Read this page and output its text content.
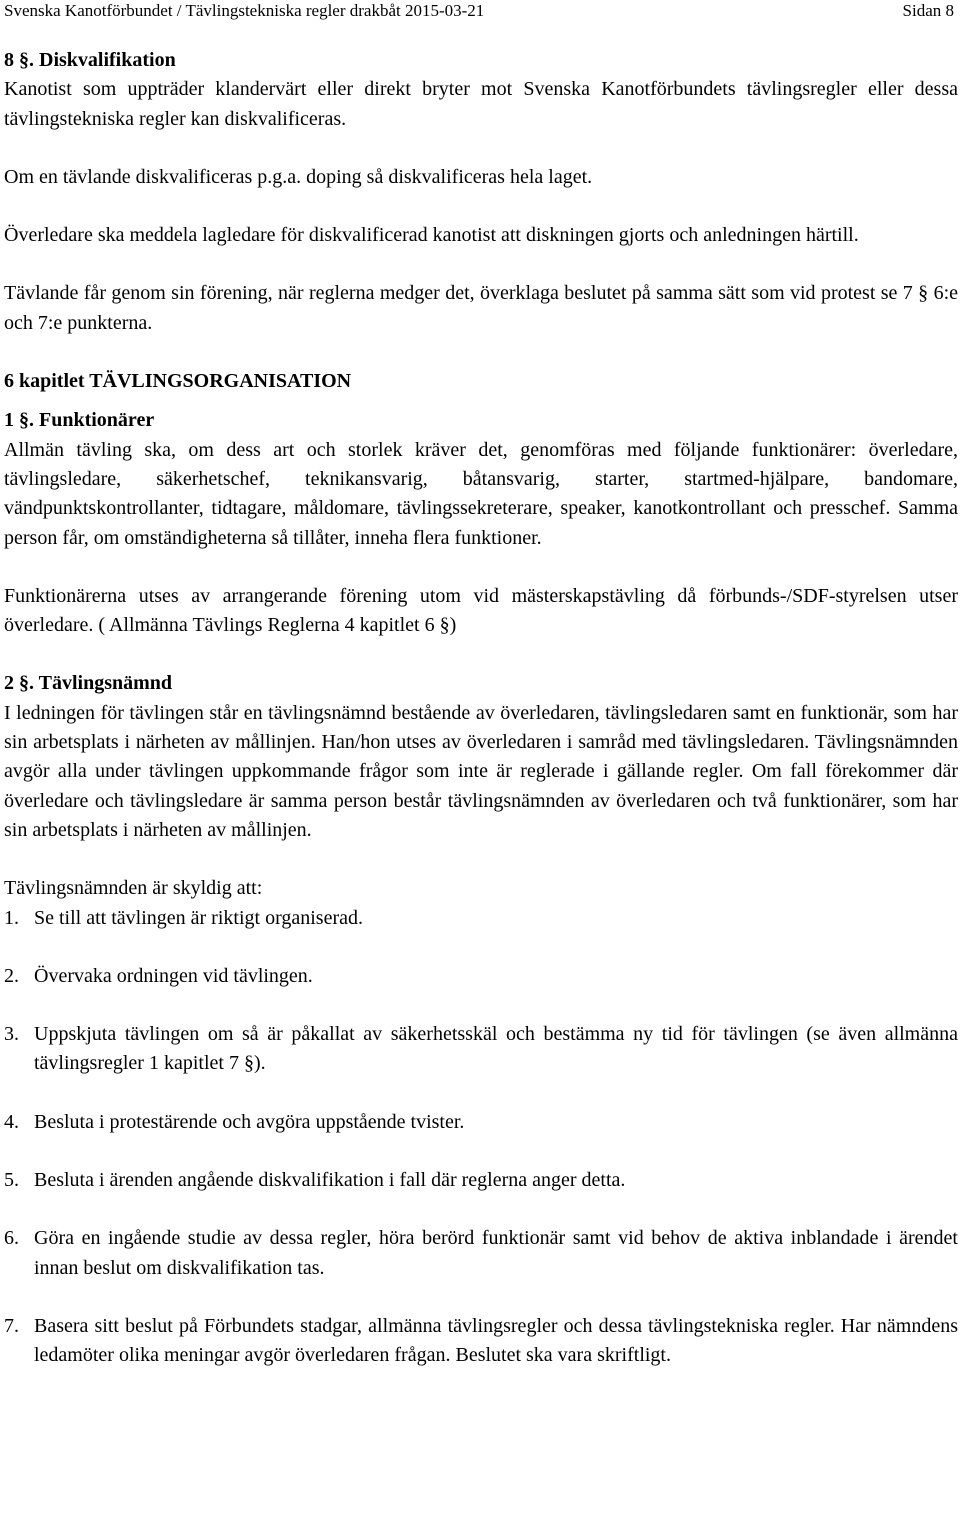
Svenska Kanotförbundet / Tävlingstekniska regler drakbåt 2015-03-21	Sidan 8

8 §. Diskvalifikation

Kanotist som uppträder klandervärt eller direkt bryter mot Svenska Kanotförbundets tävlingsregler eller dessa tävlingstekniska regler kan diskvalificeras.

Om en tävlande diskvalificeras p.g.a. doping så diskvalificeras hela laget.

Överledare ska meddela lagledare för diskvalificerad kanotist att diskningen gjorts och anledningen härtill.

Tävlande får genom sin förening, när reglerna medger det, överklaga beslutet på samma sätt som vid protest se 7 § 6:e och 7:e punkterna.

6 kapitlet TÄVLINGSORGANISATION

1 §. Funktionärer

Allmän tävling ska, om dess art och storlek kräver det, genomföras med följande funktionärer: överledare, tävlingsledare, säkerhetschef, teknikansvarig, båtansvarig, starter, startmed-hjälpare, bandomare, vändpunktskontrollanter, tidtagare, måldomare, tävlingssekreterare, speaker, kanotkontrollant och presschef. Samma person får, om omständigheterna så tillåter, inneha flera funktioner.

Funktionärerna utses av arrangerande förening utom vid mästerskapstävling då förbunds-/SDF-styrelsen utser överledare. ( Allmänna Tävlings Reglerna 4 kapitlet 6 §)

2 §. Tävlingsnämnd

I ledningen för tävlingen står en tävlingsnämnd bestående av överledaren, tävlingsledaren samt en funktionär, som har sin arbetsplats i närheten av mållinjen. Han/hon utses av överledaren i samråd med tävlingsledaren. Tävlingsnämnden avgör alla under tävlingen uppkommande frågor som inte är reglerade i gällande regler. Om fall förekommer där överledare och tävlingsledare är samma person består tävlingsnämnden av överledaren och två funktionärer, som har sin arbetsplats i närheten av mållinjen.

Tävlingsnämnden är skyldig att:

1. Se till att tävlingen är riktigt organiserad.
2. Övervaka ordningen vid tävlingen.
3. Uppskjuta tävlingen om så är påkallat av säkerhetsskäl och bestämma ny tid för tävlingen (se även allmänna tävlingsregler 1 kapitlet 7 §).
4. Besluta i protestärende och avgöra uppstående tvister.
5. Besluta i ärenden angående diskvalifikation i fall där reglerna anger detta.
6. Göra en ingående studie av dessa regler, höra berörd funktionär samt vid behov de aktiva inblandade i ärendet innan beslut om diskvalifikation tas.
7. Basera sitt beslut på Förbundets stadgar, allmänna tävlingsregler och dessa tävlingstekniska regler. Har nämndens ledamöter olika meningar avgör överledaren frågan. Beslutet ska vara skriftligt.
